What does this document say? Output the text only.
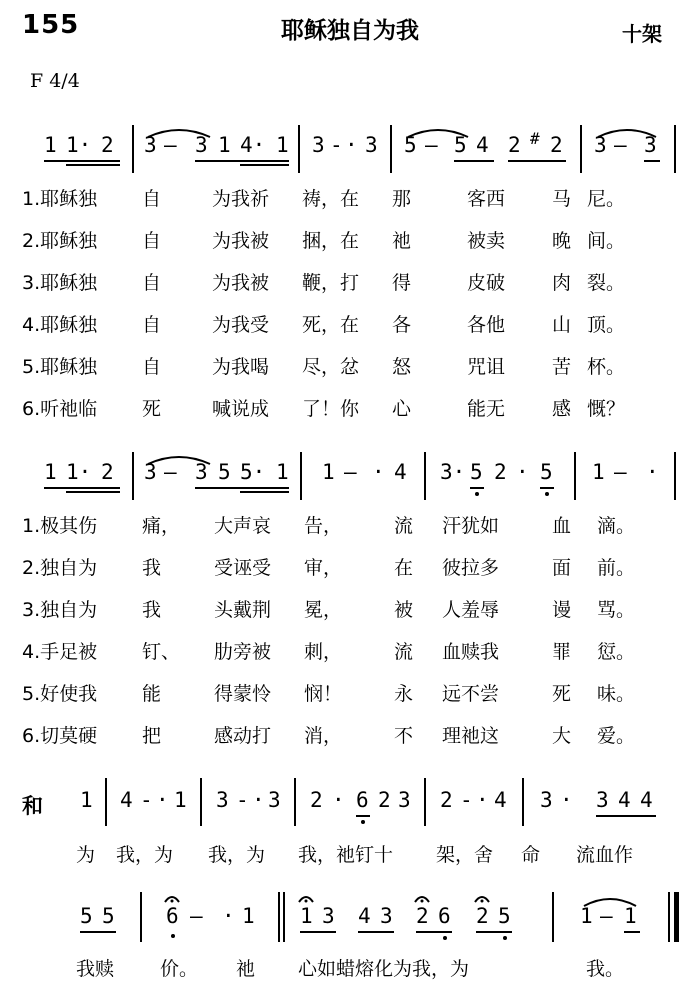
155	耶稣独自为我	十架
F 4/4
1 1· 2 3 — 3 1 4· 1 3 - · 3 5 — 5 4 2 # 2 3 — 3
1.耶稣独 自	为我祈 祷，在 那	客西 马 尼。
2.耶稣独 自	为我被 捆，在 祂	被卖 晚 间。
3.耶稣独 自	为我被 鞭，打 得	皮破 肉 裂。
4.耶稣独 自	为我受 死，在 各	各他 山 顶。
5.耶稣独 自	为我喝 尽，忿 怒	咒诅 苦 杯。
6.听祂临 死	喊说成 了！你 心	能无 感 慨？
1 1· 2 3 — 3 5 5· 1 1 — · 4 3· 5 2 · 5 1 — ·
1.极其伤 痛， 大声哀 告，	流 汗犹如	血 滴。
2.独自为 我	受诬受 审，	在 彼拉多	面 前。
3.独自为 我	头戴荆 冕，	被 人羞辱	谩 骂。
4.手足被 钉、 肋旁被 刺，	流 血赎我	罪 愆。
5.好使我 能	得蒙怜 悯！	永 远不尝	死 味。
6.切莫硬 把	感动打 消，	不 理祂这	大 爱。
和 1 4 - · 1 3 - · 3 2 · 6 2 3 2 - · 4 3 · 3 4 4
为 我，为 我，为 我，祂钉十 架，舍 命 流血作
5 5 6 — · 1 1 3 4 3 2 6 2 5	1 — 1
我赎 价。 祂 心如蜡熔化为我，为	我。
